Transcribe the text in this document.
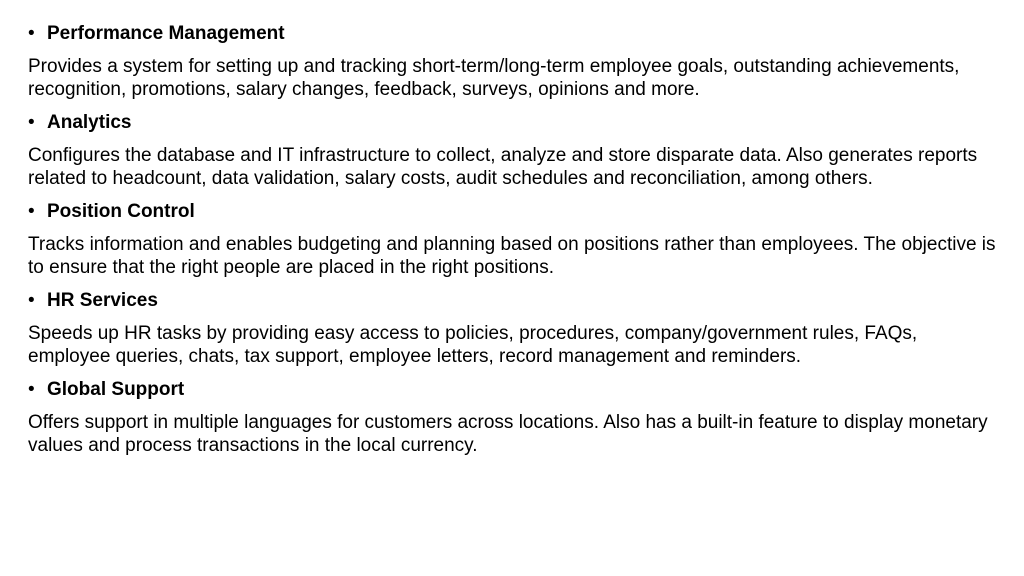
• Performance Management

Provides a system for setting up and tracking short-term/long-term employee goals, outstanding achievements, recognition, promotions, salary changes, feedback, surveys, opinions and more.

• Analytics

Configures the database and IT infrastructure to collect, analyze and store disparate data. Also generates reports related to headcount, data validation, salary costs, audit schedules and reconciliation, among others.

• Position Control

Tracks information and enables budgeting and planning based on positions rather than employees. The objective is to ensure that the right people are placed in the right positions.

• HR Services

Speeds up HR tasks by providing easy access to policies, procedures, company/government rules, FAQs, employee queries, chats, tax support, employee letters, record management and reminders.

• Global Support

Offers support in multiple languages for customers across locations. Also has a built-in feature to display monetary values and process transactions in the local currency.
